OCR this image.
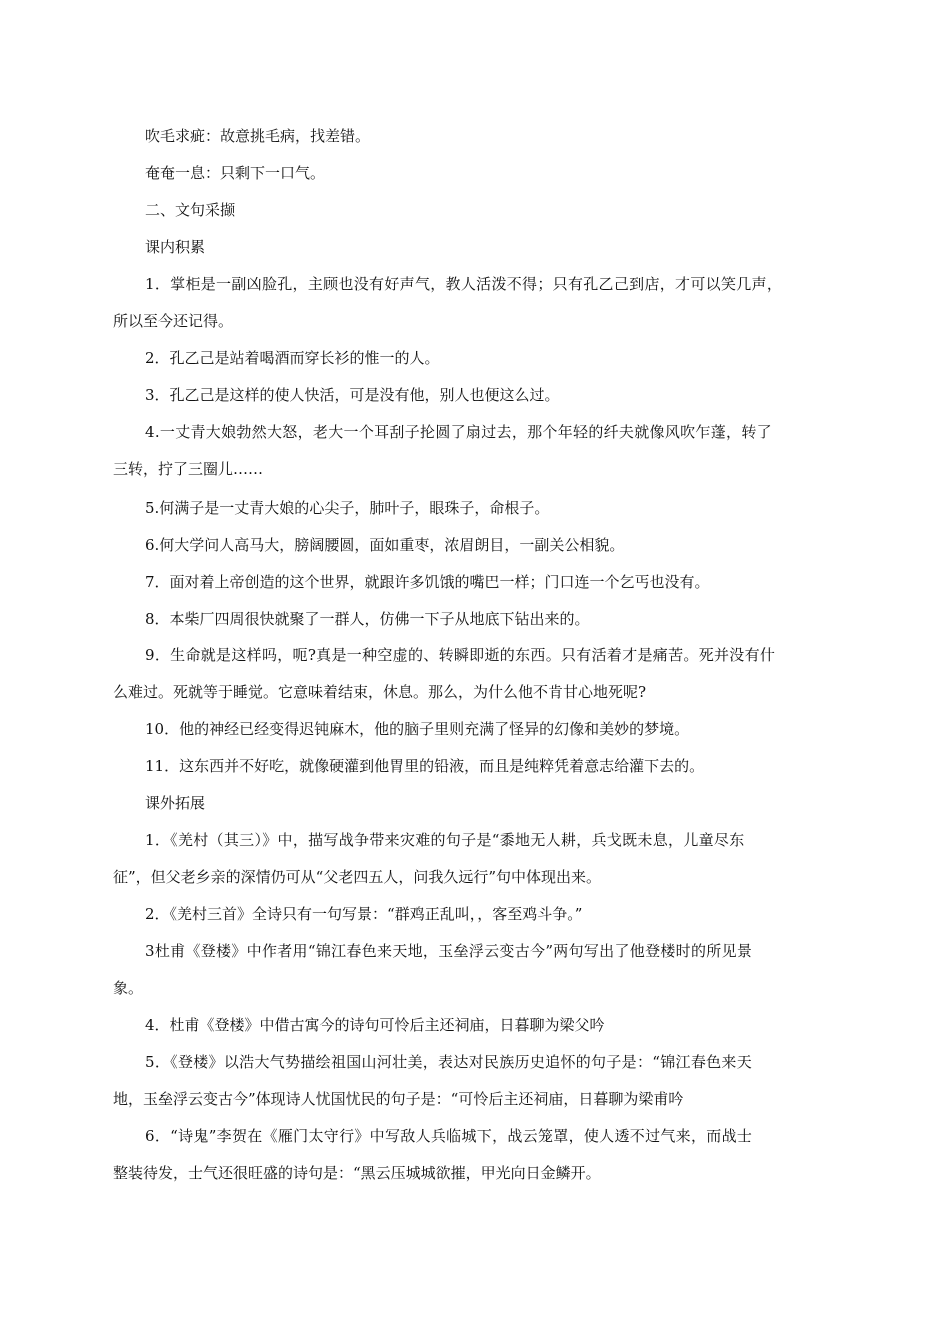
吹毛求疵：故意挑毛病，找差错。

奄奄一息：只剩下一口气。

二、文句采撷

课内积累

1．掌柜是一副凶脸孔，主顾也没有好声气，教人活泼不得；只有孔乙己到店，才可以笑几声，
所以至今还记得。

2．孔乙己是站着喝酒而穿长衫的惟一的人。

3．孔乙己是这样的使人快活，可是没有他，别人也便这么过。

4.一丈青大娘勃然大怒，老大一个耳刮子抡圆了扇过去，那个年轻的纤夫就像风吹乍蓬，转了
三转，拧了三圈儿……

5.何满子是一丈青大娘的心尖子，肺叶子，眼珠子，命根子。

6.何大学问人高马大，膀阔腰圆，面如重枣，浓眉朗目，一副关公相貌。

7．面对着上帝创造的这个世界，就跟许多饥饿的嘴巴一样；门口连一个乞丐也没有。

8．本柴厂四周很快就聚了一群人，仿佛一下子从地底下钻出来的。

9．生命就是这样吗，呃?真是一种空虚的、转瞬即逝的东西。只有活着才是痛苦。死并没有什
么难过。死就等于睡觉。它意味着结束，休息。那么，为什么他不肯甘心地死呢?

10．他的神经已经变得迟钝麻木，他的脑子里则充满了怪异的幻像和美妙的梦境。

11．这东西并不好吃，就像硬灌到他胃里的铅液，而且是纯粹凭着意志给灌下去的。

课外拓展

1．《羌村（其三）》中，描写战争带来灾难的句子是“黍地无人耕，兵戈既未息，儿童尽东
征”，但父老乡亲的深情仍可从“父老四五人，问我久远行”句中体现出来。

2．《羌村三首》全诗只有一句写景：“群鸡正乱叫，，客至鸡斗争。”

3杜甫《登楼》中作者用“锦江春色来天地，玉垒浮云变古今”两句写出了他登楼时的所见景
象。

4．杜甫《登楼》中借古寓今的诗句可怜后主还祠庙，日暮聊为梁父吟

5．《登楼》以浩大气势描绘祖国山河壮美，表达对民族历史追怀的句子是：“锦江春色来天
地，玉垒浮云变古今”体现诗人忧国忧民的句子是：“可怜后主还祠庙，日暮聊为梁甫吟

6．“诗鬼”李贺在《雁门太守行》中写敌人兵临城下，战云笼罩，使人透不过气来，而战士
整装待发，士气还很旺盛的诗句是：“黑云压城城欲摧，甲光向日金鳞开。
